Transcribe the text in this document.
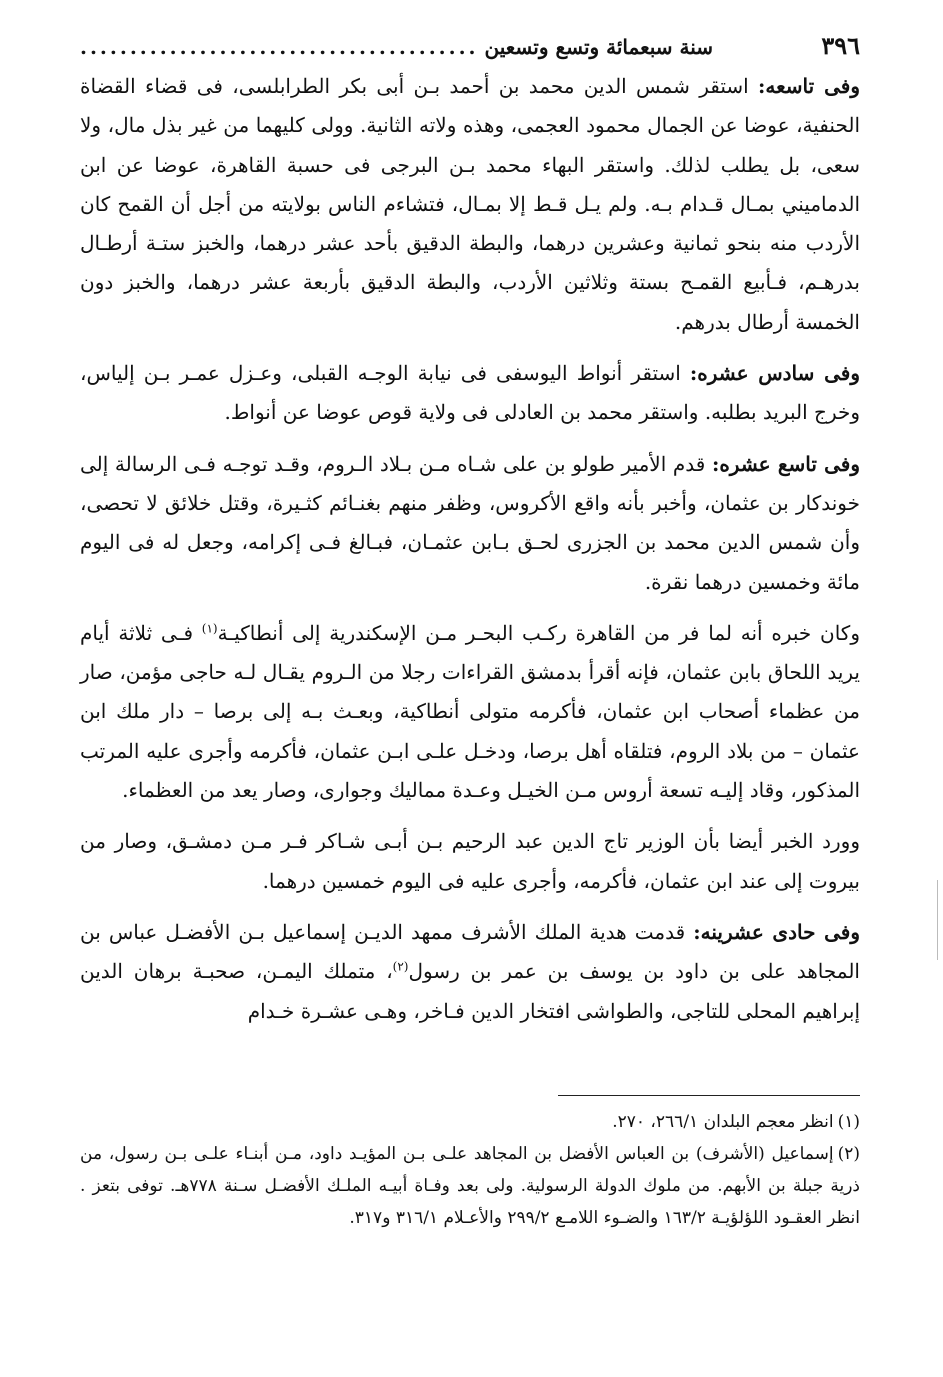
٣٩٦
سنة سبعمائة وتسع وتسعين
........................................

وفى تاسعه: استقر شمس الدين محمد بن أحمد بـن أبى بكر الطرابلسى، فى قضاء القضاة الحنفية، عوضا عن الجمال محمود العجمى، وهذه ولاته الثانية. وولى كليهما من غير بذل مال، ولا سعى، بل يطلب لذلك. واستقر البهاء محمد بـن البرجى فى حسبة القاهرة، عوضا عن ابن الدماميني بمـال قـدام بـه. ولم يـل قـط إلا بمـال، فتشاءم الناس بولايته من أجل أن القمح كان الأردب منه بنحو ثمانية وعشرين درهما، والبطة الدقيق بأحد عشر درهما، والخبز ستـة أرطـال بدرهـم، فـأبيع القمـح بستة وثلاثين الأردب، والبطة الدقيق بأربعة عشر درهما، والخبز دون الخمسة أرطال بدرهم.

وفى سادس عشره: استقر أنواط اليوسفى فى نيابة الوجـه القبلى، وعـزل عمـر بـن إلياس، وخرج البريد بطلبه. واستقر محمد بن العادلى فى ولاية قوص عوضا عن أنواط.

وفى تاسع عشره: قدم الأمير طولو بن على شـاه مـن بـلاد الـروم، وقـد توجـه فـى الرسالة إلى خوندكار بن عثمان، وأخبر بأنه واقع الأكروس، وظفر منهم بغنـائم كثـيرة، وقتل خلائق لا تحصى، وأن شمس الدين محمد بن الجزرى لحـق بـابن عثمـان، فبـالغ فـى إكرامه، وجعل له فى اليوم مائة وخمسين درهما نقرة.

وكان خبره أنه لما فر من القاهرة ركـب البحـر مـن الإسكندرية إلى أنطاكيـة$^{(١)}$ فـى ثلاثة أيام يريد اللحاق بابن عثمان، فإنه أقرأ بدمشق القراءات رجلا من الـروم يقـال لـه حاجى مؤمن، صار من عظماء أصحاب ابن عثمان، فأكرمه متولى أنطاكية، وبعـث بـه إلى برصا – دار ملك ابن عثمان – من بلاد الروم، فتلقاه أهل برصا، ودخـل علـى ابـن عثمان، فأكرمه وأجرى عليه المرتب المذكور، وقاد إليـه تسعة أروس مـن الخيـل وعـدة مماليك وجوارى، وصار يعد من العظماء.

وورد الخبر أيضا بأن الوزير تاج الدين عبد الرحيم بـن أبـى شـاكر فـر مـن دمشـق، وصار من بيروت إلى عند ابن عثمان، فأكرمه، وأجرى عليه فى اليوم خمسين درهما.

وفى حادى عشرينه: قدمت هدية الملك الأشرف ممهد الديـن إسماعيل بـن الأفضـل عباس بن المجاهد على بن داود بن يوسف بن عمر بن رسول$^{(٢)}$، متملك اليمـن، صحبـة برهان الدين إبراهيم المحلى للتاجى، والطواشى افتخار الدين فـاخر، وهـى عشـرة خـدام

(١)انظر معجم البلدان ٢٦٦/١، ٢٧٠.

(٢)إسماعيل (الأشرف) بن العباس الأفضل بن المجاهد علـى بـن المؤيـد داود، مـن أبنـاء علـى بـن رسول، من ذرية جبلة بن الأبهم. من ملوك الدولة الرسولية. ولى بعد وفـاة أبيـه الملـك الأفضـل سـنة ٧٧٨هـ. توفى بتعز . انظر العقـود اللؤلؤيـة ١٦٣/٢ والضـوء اللامـع ٢٩٩/٢ والأعـلام ٣١٦/١ و٣١٧.
